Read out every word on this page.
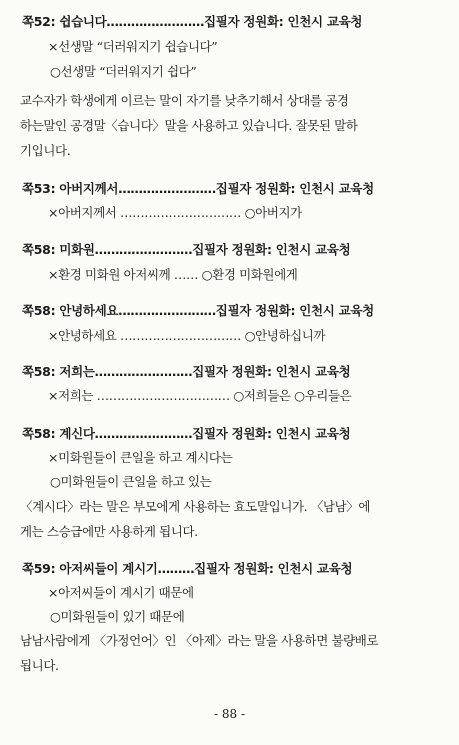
쪽52: 쉽습니다……………………집필자 정원화: 인천시 교육청
×선생말 “더러워지기 쉽습니다”
○선생말 “더러워지기 쉽다”
교수자가 학생에게 이르는 말이 자기를 낮추기해서 상대를 공경
하는말인 공경말〈습니다〉말을 사용하고 있습니다. 잘못된 말하
기입니다.
쪽53: 아버지께서……………………집필자 정원화: 인천시 교육청
×아버지께서 ………………………… ○아버지가
쪽58: 미화원……………………집필자 정원화: 인천시 교육청
×환경 미화원 아저씨께 …… ○환경 미화원에게
쪽58: 안녕하세요……………………집필자 정원화: 인천시 교육청
×안녕하세요 ………………………… ○안녕하십니까
쪽58: 저희는……………………집필자 정원화: 인천시 교육청
×저희는 …………………………… ○저희들은 ○우리들은
쪽58: 계신다……………………집필자 정원화: 인천시 교육청
×미화원들이 큰일을 하고 계시다는
○미화원들이 큰일을 하고 있는
〈계시다〉라는 말은 부모에게 사용하는 효도말입니가. 〈남남〉에
게는 스승급에만 사용하게 됩니다.
쪽59: 아저씨들이 계시기………집필자 정원화: 인천시 교육청
×아저씨들이 계시기 때문에
○미화원들이 있기 때문에
남남사람에게 〈가정언어〉인 〈아제〉라는 말을 사용하면 불량배로
됩니다.
- 88 -
